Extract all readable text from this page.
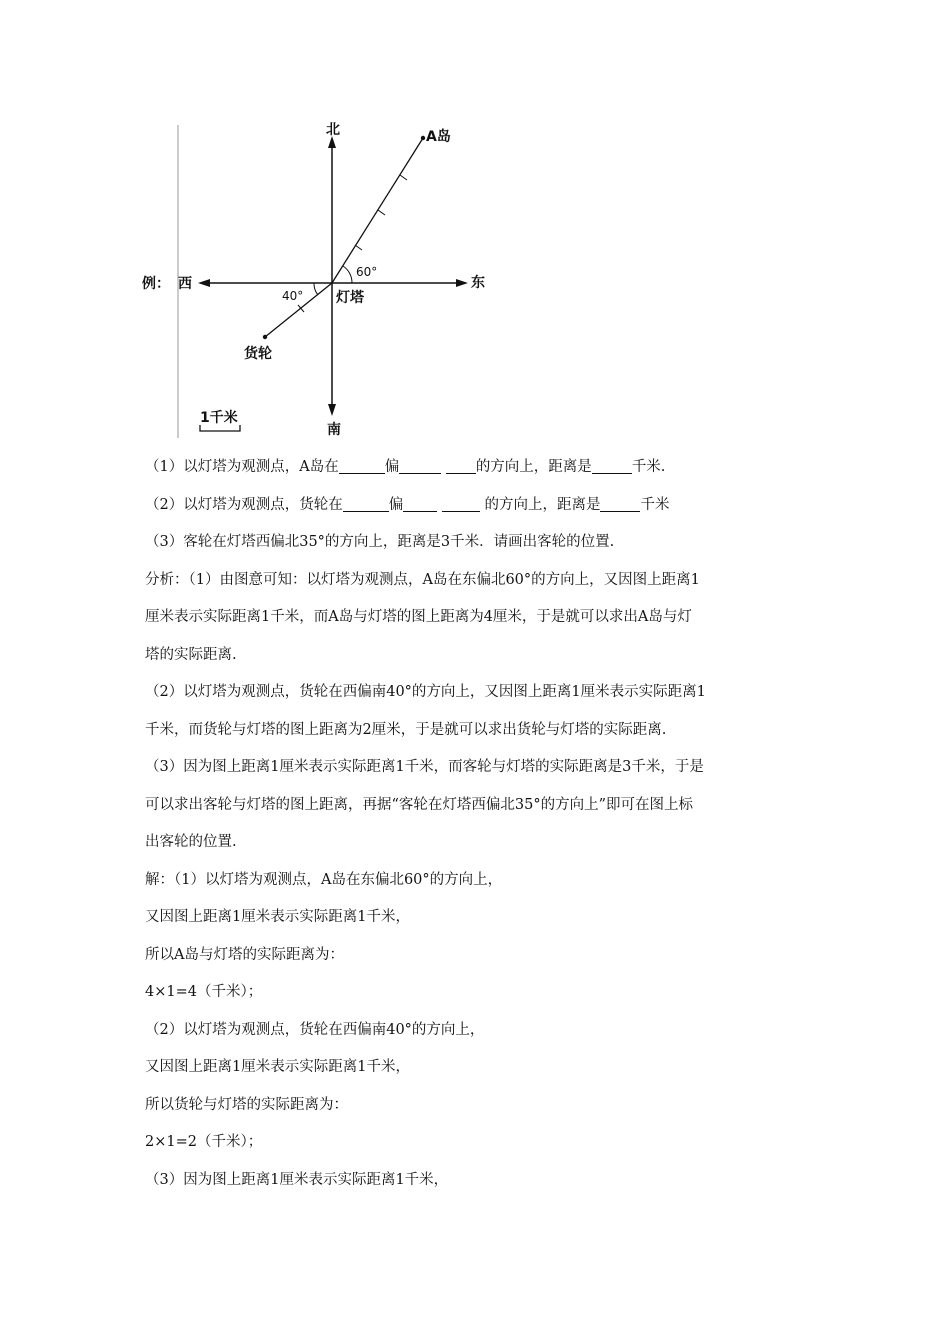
北	A岛
例： 西	东
60°
40° 灯塔
货轮
南
1千米
（1）以灯塔为观测点，A岛在	偏	的方向上，距离是	千米.
（2）以灯塔为观测点，货轮在	偏	的方向上，距离是	千米
（3）客轮在灯塔西偏北35°的方向上，距离是3千米．请画出客轮的位置.
分析：（1）由图意可知：以灯塔为观测点，A岛在东偏北60°的方向上，又因图上距离1
厘米表示实际距离1千米，而A岛与灯塔的图上距离为4厘米，于是就可以求出A岛与灯
塔的实际距离.
（2）以灯塔为观测点，货轮在西偏南40°的方向上，又因图上距离1厘米表示实际距离1
千米，而货轮与灯塔的图上距离为2厘米，于是就可以求出货轮与灯塔的实际距离.
（3）因为图上距离1厘米表示实际距离1千米，而客轮与灯塔的实际距离是3千米，于是
可以求出客轮与灯塔的图上距离，再据“客轮在灯塔西偏北35°的方向上”即可在图上标
出客轮的位置.
解：（1）以灯塔为观测点，A岛在东偏北60°的方向上，
又因图上距离1厘米表示实际距离1千米，
所以A岛与灯塔的实际距离为：
4×1=4（千米）；
（2）以灯塔为观测点，货轮在西偏南40°的方向上，
又因图上距离1厘米表示实际距离1千米，
所以货轮与灯塔的实际距离为：
2×1=2（千米）；
（3）因为图上距离1厘米表示实际距离1千米，
